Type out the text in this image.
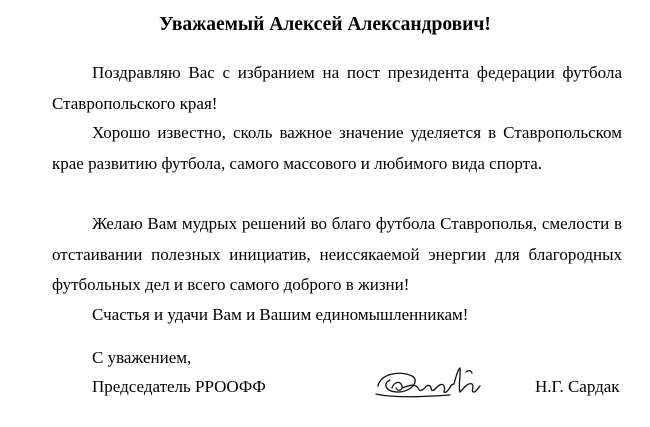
Уважаемый Алексей Александрович!

Поздравляю Вас с избранием на пост президента федерации футбола Ставропольского края!

Хорошо известно, сколь важное значение уделяется в Ставропольском крае развитию футбола, самого массового и любимого вида спорта.

Желаю Вам мудрых решений во благо футбола Ставрополья, смелости в отстаивании полезных инициатив, неиссякаемой энергии для благородных футбольных дел и всего самого доброго в жизни!

Счастья и удачи Вам и Вашим единомышленникам!

С уважением,
Председатель РРООФФ	Н.Г. Сардак
